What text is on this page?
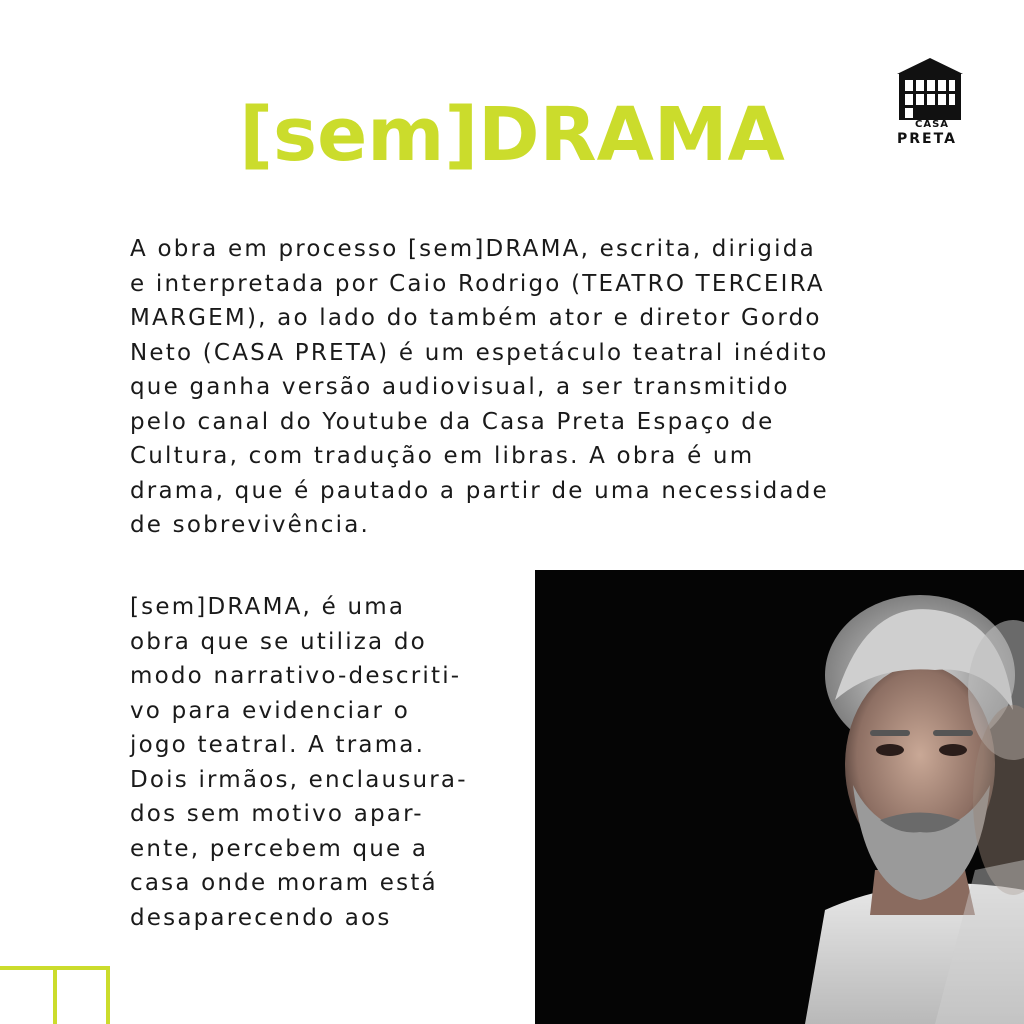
[sem]DRAMA	CASA
PRETA
A obra em processo [sem]DRAMA, escrita, dirigida
e interpretada por Caio Rodrigo (TEATRO TERCEIRA
MARGEM), ao lado do também ator e diretor Gordo
Neto (CASA PRETA) é um espetáculo teatral inédito
que ganha versão audiovisual, a ser transmitido
pelo canal do Youtube da Casa Preta Espaço de
Cultura, com tradução em libras. A obra é um
drama, que é pautado a partir de uma necessidade
de sobrevivência.
[sem]DRAMA, é uma
obra que se utiliza do
modo narrativo-descriti-
vo para evidenciar o
jogo teatral. A trama.
Dois irmãos, enclausura-
dos sem motivo apar-
ente, percebem que a
casa onde moram está
desaparecendo aos
